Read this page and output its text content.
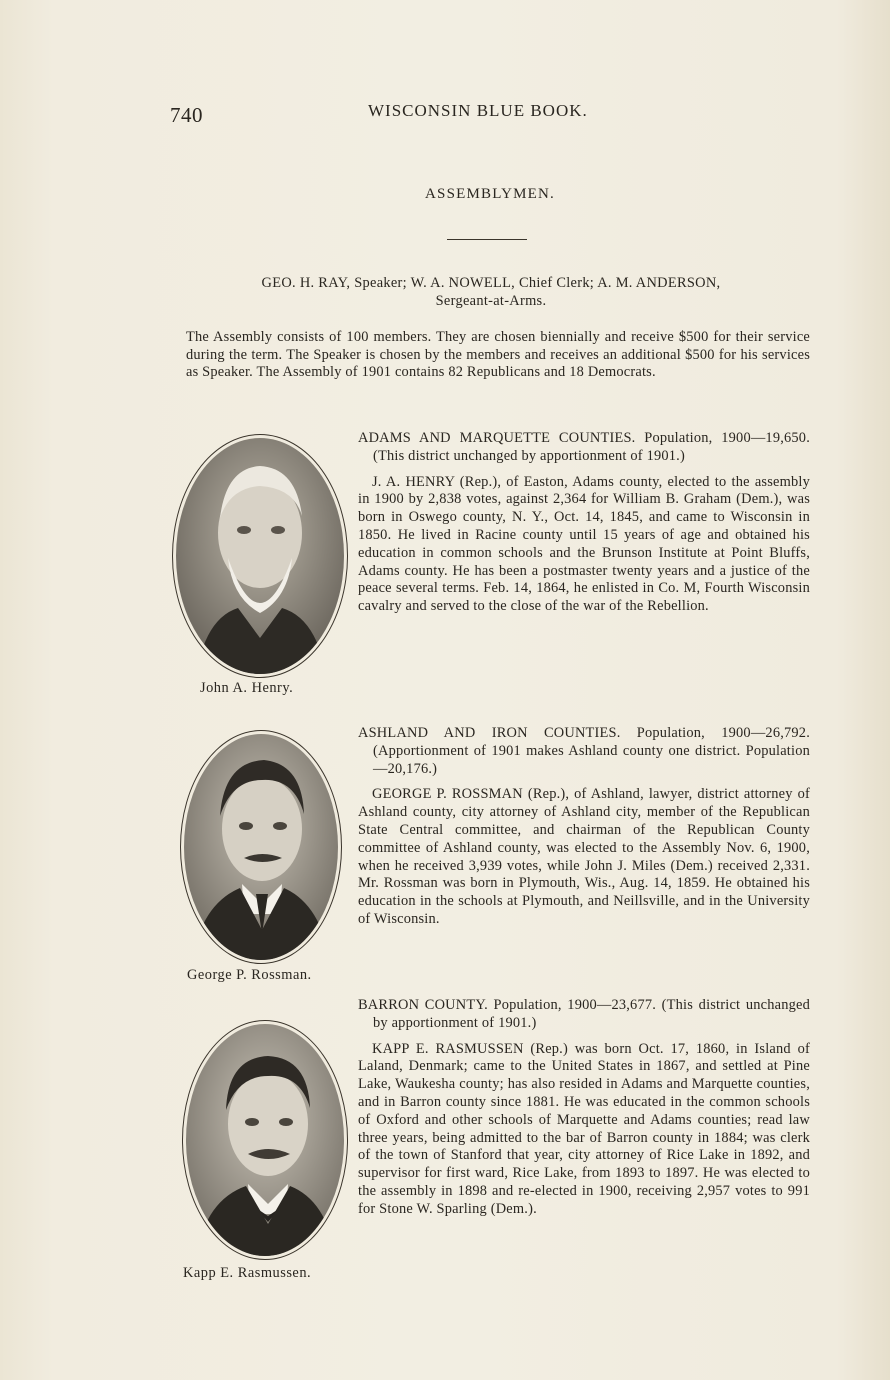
740	WISCONSIN BLUE BOOK.
ASSEMBLYMEN.
GEO. H. RAY, Speaker; W. A. NOWELL, Chief Clerk; A. M. ANDERSON,
Sergeant-at-Arms.
The Assembly consists of 100 members. They are chosen biennially and receive $500 for their service during the term. The Speaker is chosen by the members and receives an additional $500 for his services as Speaker. The Assembly of 1901 contains 82 Republicans and 18 Democrats.
John A. Henry.

ADAMS AND MARQUETTE COUNTIES. Population, 1900—19,650. (This district unchanged by apportionment of 1901.)

J. A. HENRY (Rep.), of Easton, Adams county, elected to the assembly in 1900 by 2,838 votes, against 2,364 for William B. Graham (Dem.), was born in Oswego county, N. Y., Oct. 14, 1845, and came to Wisconsin in 1850. He lived in Racine county until 15 years of age and obtained his education in common schools and the Brunson Institute at Point Bluffs, Adams county. He has been a postmaster twenty years and a justice of the peace several terms. Feb. 14, 1864, he enlisted in Co. M, Fourth Wisconsin cavalry and served to the close of the war of the Rebellion.

George P. Rossman.

ASHLAND AND IRON COUNTIES. Population, 1900—26,792. (Apportionment of 1901 makes Ashland county one district. Population—20,176.)

GEORGE P. ROSSMAN (Rep.), of Ashland, lawyer, district attorney of Ashland county, city attorney of Ashland city, member of the Republican State Central committee, and chairman of the Republican County committee of Ashland county, was elected to the Assembly Nov. 6, 1900, when he received 3,939 votes, while John J. Miles (Dem.) received 2,331. Mr. Rossman was born in Plymouth, Wis., Aug. 14, 1859. He obtained his education in the schools at Plymouth, and Neillsville, and in the University of Wisconsin.

Kapp E. Rasmussen.

BARRON COUNTY. Population, 1900—23,677. (This district unchanged by apportionment of 1901.)

KAPP E. RASMUSSEN (Rep.) was born Oct. 17, 1860, in Island of Laland, Denmark; came to the United States in 1867, and settled at Pine Lake, Waukesha county; has also resided in Adams and Marquette counties, and in Barron county since 1881. He was educated in the common schools of Oxford and other schools of Marquette and Adams counties; read law three years, being admitted to the bar of Barron county in 1884; was clerk of the town of Stanford that year, city attorney of Rice Lake in 1892, and supervisor for first ward, Rice Lake, from 1893 to 1897. He was elected to the assembly in 1898 and re-elected in 1900, receiving 2,957 votes to 991 for Stone W. Sparling (Dem.).
